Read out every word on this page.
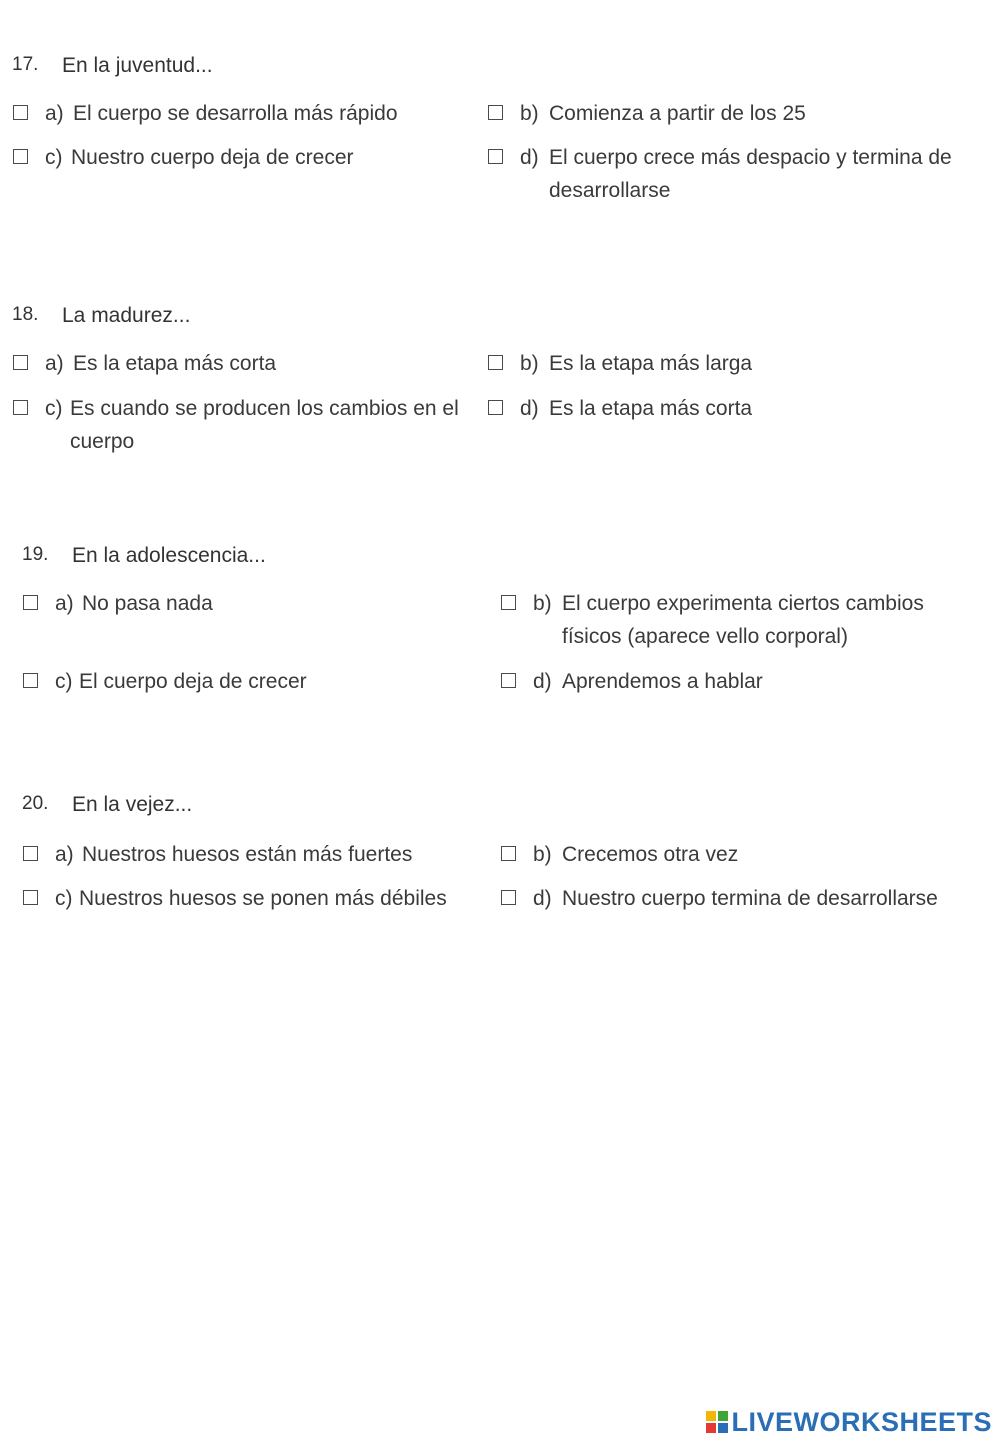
17. En la juventud...
a) El cuerpo se desarrolla más rápido	b) Comienza a partir de los 25
c) Nuestro cuerpo deja de crecer	d) El cuerpo crece más despacio y termina de desarrollarse
18. La madurez...
a) Es la etapa más corta	b) Es la etapa más larga
c) Es cuando se producen los cambios en el cuerpo
d) Es la etapa más corta
19. En la adolescencia...
a) No pasa nada	b) El cuerpo experimenta ciertos cambios físicos (aparece vello corporal)
c) El cuerpo deja de crecer	d) Aprendemos a hablar
20. En la vejez...
a) Nuestros huesos están más fuertes	b) Crecemos otra vez
c) Nuestros huesos se ponen más débiles	d) Nuestro cuerpo termina de desarrollarse
LIVEWORKSHEETS
